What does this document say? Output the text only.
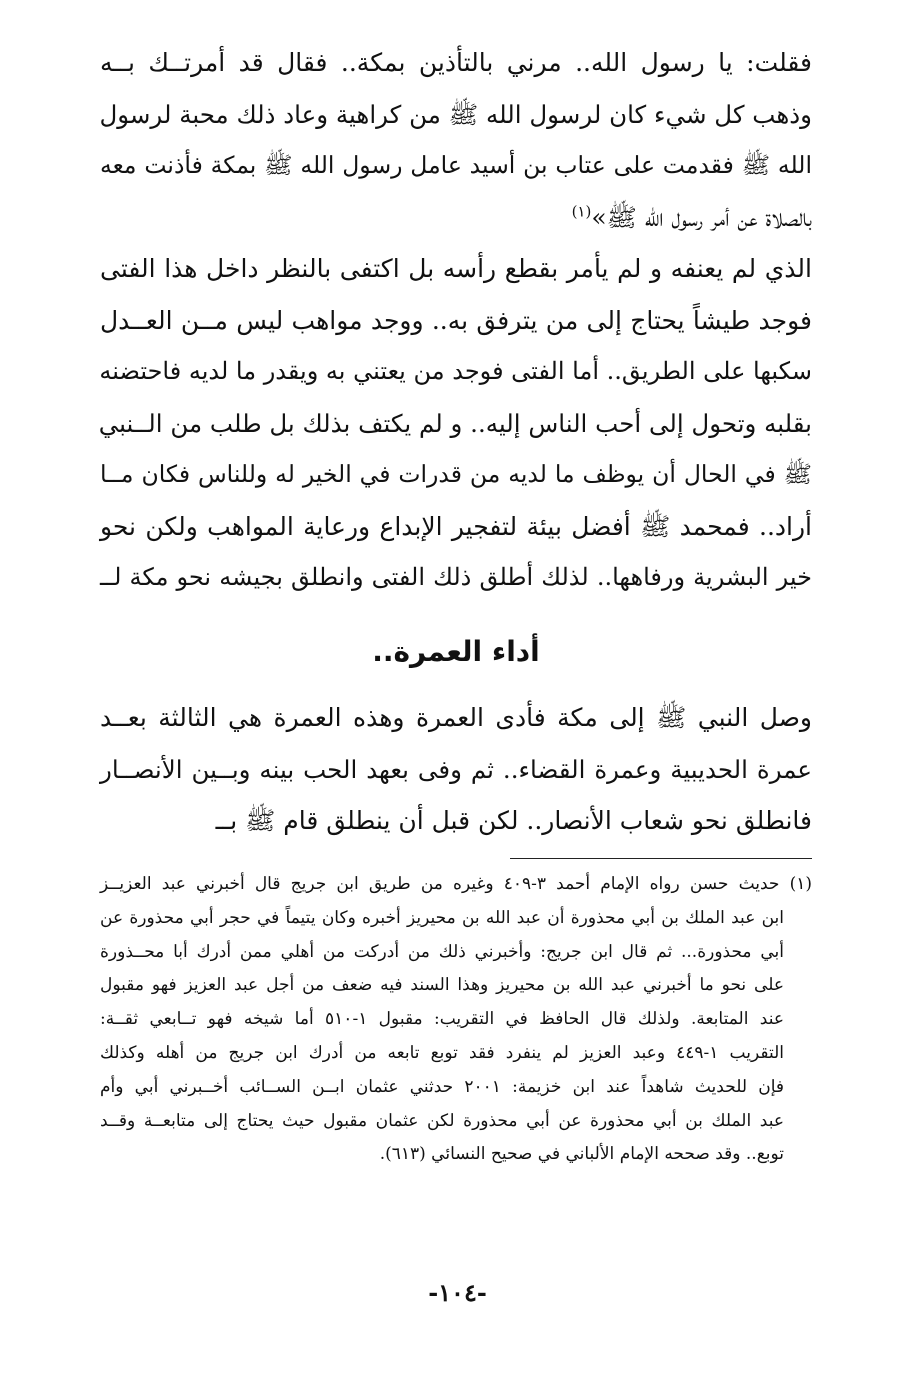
فقلت: يا رسول الله.. مرني بالتأذين بمكة.. فقال قد أمرتــك بــه
وذهب كل شيء كان لرسول الله ﷺ من كراهية وعاد ذلك محبة لرسول
الله ﷺ فقدمت على عتاب بن أسيد عامل رسول الله ﷺ بمكة فأذنت معه
بالصلاة عن أمر رسول الله ﷺ»$^{(١)}$
الذي لم يعنفه و لم يأمر بقطع رأسه بل اكتفى بالنظر داخل هذا الفتى
فوجد طيشاً يحتاج إلى من يترفق به.. ووجد مواهب ليس مــن العــدل
سكبها على الطريق.. أما الفتى فوجد من يعتني به ويقدر ما لديه فاحتضنه
بقلبه وتحول إلى أحب الناس إليه.. و لم يكتف بذلك بل طلب من الــنبي
ﷺ في الحال أن يوظف ما لديه من قدرات في الخير له وللناس فكان مــا
أراد.. فمحمد ﷺ أفضل بيئة لتفجير الإبداع ورعاية المواهب ولكن نحو
خير البشرية ورفاهها.. لذلك أطلق ذلك الفتى وانطلق بجيشه نحو مكة لــ
أداء العمرة..
وصل النبي ﷺ إلى مكة فأدى العمرة وهذه العمرة هي الثالثة بعــد
عمرة الحديبية وعمرة القضاء.. ثم وفى بعهد الحب بينه وبــين الأنصــار
فانطلق نحو شعاب الأنصار.. لكن قبل أن ينطلق قام ﷺ بــ
(١) حديث حسن رواه الإمام أحمد ٣-٤٠٩ وغيره من طريق ابن جريج قال أخبرني عبد العزيــز
ابن عبد الملك بن أبي محذورة أن عبد الله بن محيريز أخبره وكان يتيماً في حجر أبي محذورة عن
أبي محذورة... ثم قال ابن جريج: وأخبرني ذلك من أدركت من أهلي ممن أدرك أبا محــذورة
على نحو ما أخبرني عبد الله بن محيريز وهذا السند فيه ضعف من أجل عبد العزيز فهو مقبول
عند المتابعة. ولذلك قال الحافظ في التقريب: مقبول ١-٥١٠ أما شيخه فهو تــابعي ثقــة:
التقريب ١-٤٤٩ وعبد العزيز لم ينفرد فقد توبع تابعه من أدرك ابن جريج من أهله وكذلك
فإن للحديث شاهداً عند ابن خزيمة: ٢٠٠١ حدثني عثمان ابــن الســائب أخــبرني أبي وأم
عبد الملك بن أبي محذورة عن أبي محذورة لكن عثمان مقبول حيث يحتاج إلى متابعــة وقــد
توبع.. وقد صححه الإمام الألباني في صحيح النسائي (٦١٣).
-١٠٤-
